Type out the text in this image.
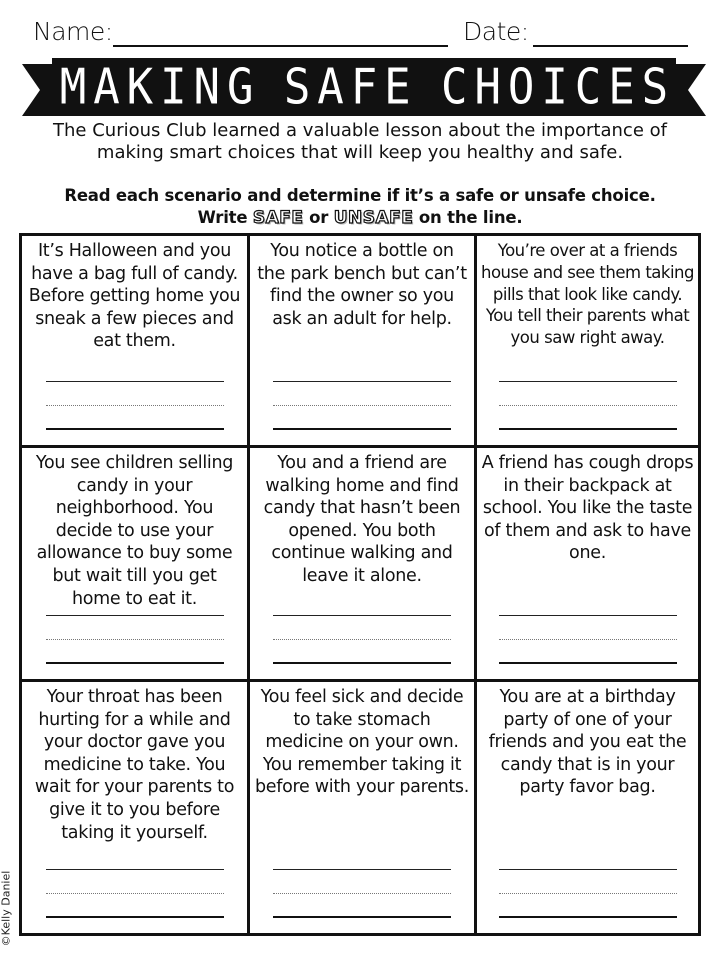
Name:	Date:
M A K I N G S A F E C H O I C E S
The Curious Club learned a valuable lesson about the importance of
making smart choices that will keep you healthy and safe.
Read each scenario and determine if it’s a safe or unsafe choice.
Write SAFE or UNSAFE on the line.
It’s Halloween and you have a bag full of candy. Before getting home you sneak a few pieces and eat them.
You notice a bottle on the park bench but can’t find the owner so you ask an adult for help.
You’re over at a friends house and see them taking pills that look like candy. You tell their parents what you saw right away.
You see children selling candy in your neighborhood. You decide to use your allowance to buy some but wait till you get home to eat it.
You and a friend are walking home and find candy that hasn’t been opened. You both continue walking and leave it alone.
A friend has cough drops in their backpack at school. You like the taste of them and ask to have one.
Your throat has been hurting for a while and your doctor gave you medicine to take. You wait for your parents to give it to you before taking it yourself.
You feel sick and decide to take stomach medicine on your own. You remember taking it before with your parents.
You are at a birthday party of one of your friends and you eat the candy that is in your party favor bag.
©Kelly Daniel
